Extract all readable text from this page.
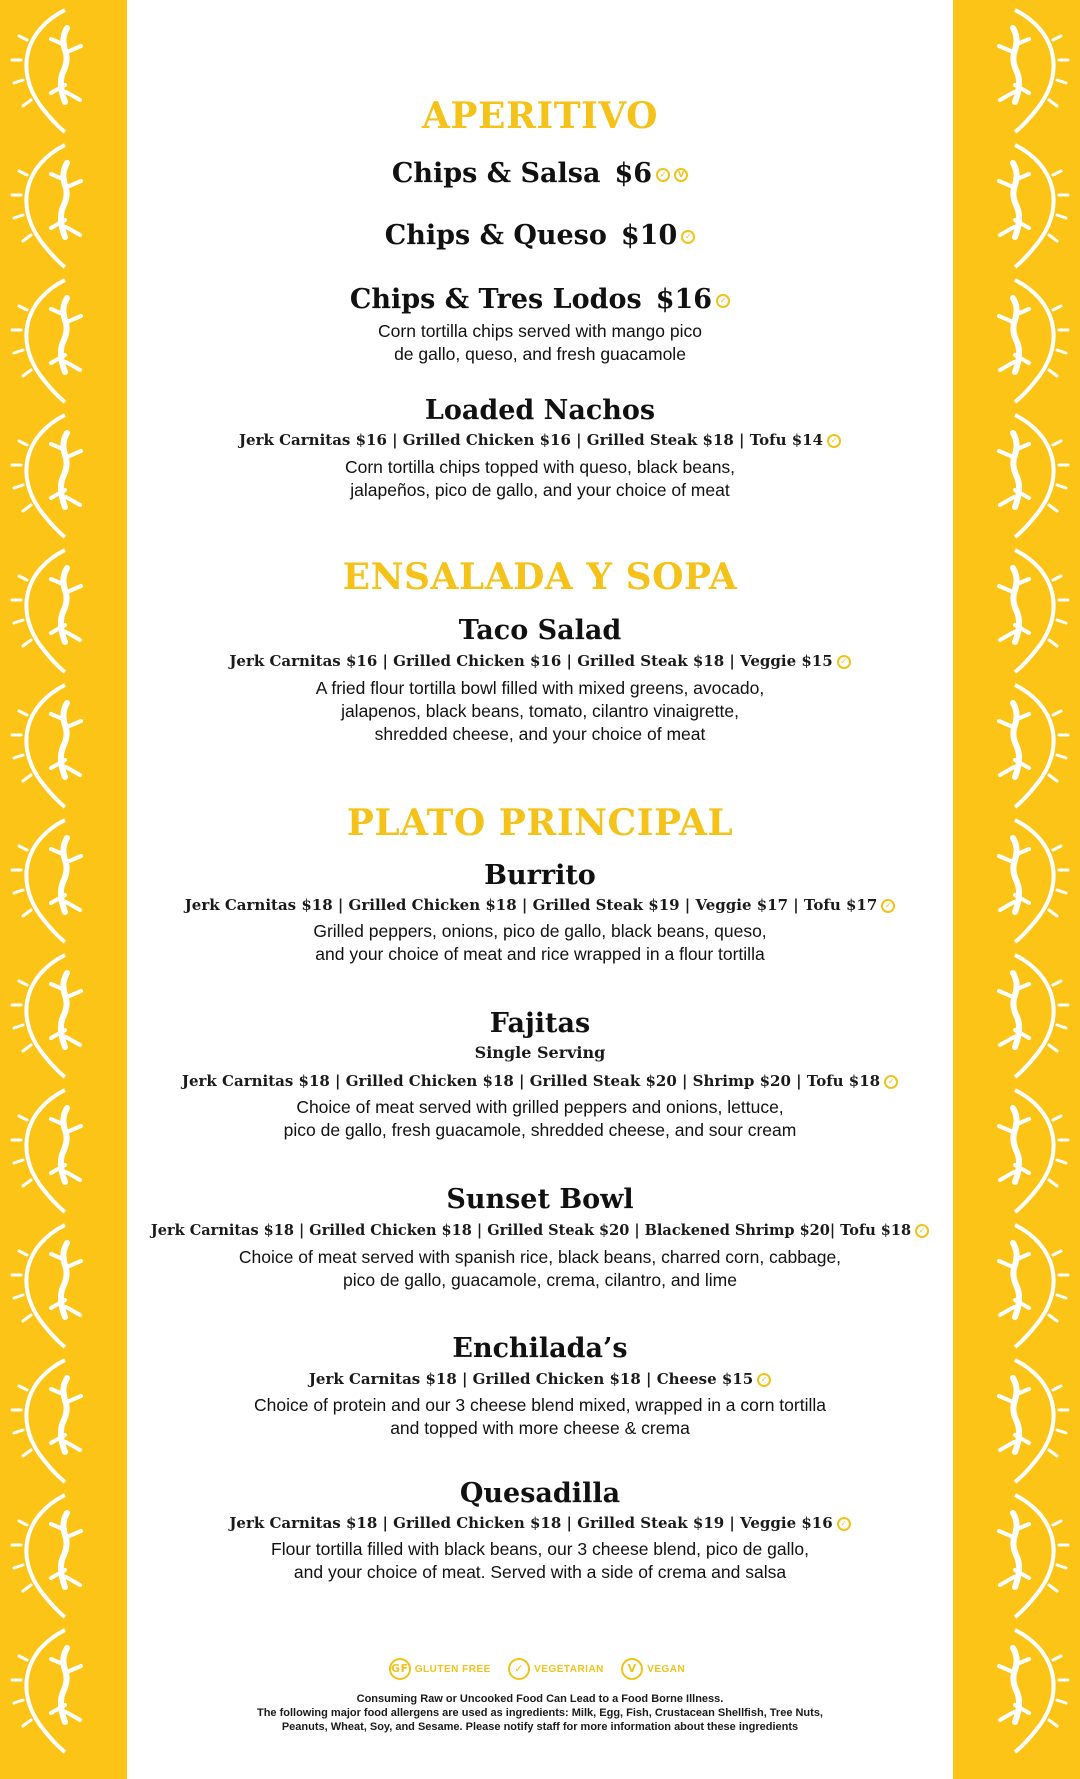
APERITIVO
Chips & Salsa $6 ✓ V
Chips & Queso $10 ✓
Chips & Tres Lodos $16 ✓
Corn tortilla chips served with mango pico
de gallo, queso, and fresh guacamole
Loaded Nachos
Jerk Carnitas $16 | Grilled Chicken $16 | Grilled Steak $18 | Tofu $14 ✓
Corn tortilla chips topped with queso, black beans,
jalapeños, pico de gallo, and your choice of meat
ENSALADA Y SOPA
Taco Salad
Jerk Carnitas $16 | Grilled Chicken $16 | Grilled Steak $18 | Veggie $15 ✓
A fried flour tortilla bowl filled with mixed greens, avocado,
jalapenos, black beans, tomato, cilantro vinaigrette,
shredded cheese, and your choice of meat
PLATO PRINCIPAL
Burrito
Jerk Carnitas $18 | Grilled Chicken $18 | Grilled Steak $19 | Veggie $17 | Tofu $17 ✓
Grilled peppers, onions, pico de gallo, black beans, queso,
and your choice of meat and rice wrapped in a flour tortilla
Fajitas
Single Serving
Jerk Carnitas $18 | Grilled Chicken $18 | Grilled Steak $20 | Shrimp $20 | Tofu $18 ✓
Choice of meat served with grilled peppers and onions, lettuce,
pico de gallo, fresh guacamole, shredded cheese, and sour cream
Sunset Bowl
Jerk Carnitas $18 | Grilled Chicken $18 | Grilled Steak $20 | Blackened Shrimp $20| Tofu $18 ✓
Choice of meat served with spanish rice, black beans, charred corn, cabbage,
pico de gallo, guacamole, crema, cilantro, and lime
Enchilada’s
Jerk Carnitas $18 | Grilled Chicken $18 | Cheese $15 ✓
Choice of protein and our 3 cheese blend mixed, wrapped in a corn tortilla
and topped with more cheese & crema
Quesadilla
Jerk Carnitas $18 | Grilled Chicken $18 | Grilled Steak $19 | Veggie $16 ✓
Flour tortilla filled with black beans, our 3 cheese blend, pico de gallo,
and your choice of meat. Served with a side of crema and salsa
GF GLUTEN FREE ✓ VEGETARIAN V VEGAN
Consuming Raw or Uncooked Food Can Lead to a Food Borne Illness.
The following major food allergens are used as ingredients: Milk, Egg, Fish, Crustacean Shellfish, Tree Nuts,
Peanuts, Wheat, Soy, and Sesame. Please notify staff for more information about these ingredients
